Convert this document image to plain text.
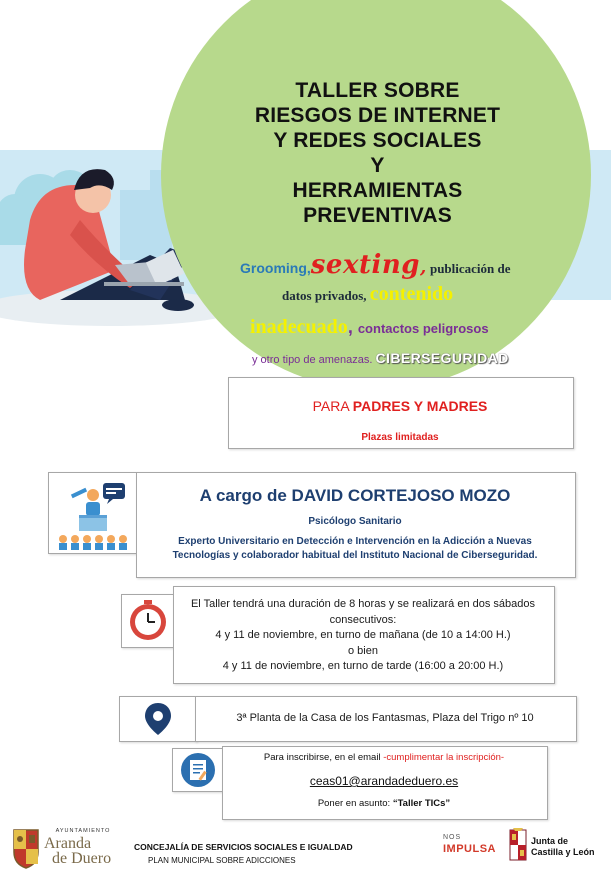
TALLER SOBRE
RIESGOS DE INTERNET
Y REDES SOCIALES
Y
HERRAMIENTAS
PREVENTIVAS
Grooming,sexting, publicación de
datos privados, contenido
inadecuado, contactos peligrosos
y otro tipo de amenazas. CIBERSEGURIDAD
PARA PADRES Y MADRES
Plazas limitadas
A cargo de DAVID CORTEJOSO MOZO
Psicólogo Sanitario
Experto Universitario en Detección e Intervención en la Adicción a Nuevas Tecnologías y colaborador habitual del Instituto Nacional de Ciberseguridad.
El Taller tendrá una duración de 8 horas y se realizará en dos sábados
consecutivos:
4 y 11 de noviembre, en turno de mañana (de 10 a 14:00 H.)
o bien
4 y 11 de noviembre, en turno de tarde (16:00 a 20:00 H.)
3ª Planta de la Casa de los Fantasmas, Plaza del Trigo nº 10
Para inscribirse, en el email -cumplimentar la inscripción-
ceas01@arandadeduero.es
Poner en asunto: “Taller TICs”
AYUNTAMIENTO
Aranda
de Duero
CONCEJALÍA DE SERVICIOS SOCIALES E IGUALDAD
PLAN MUNICIPAL SOBRE ADICCIONES
NOS
IMPULSA
Junta de
Castilla y León
